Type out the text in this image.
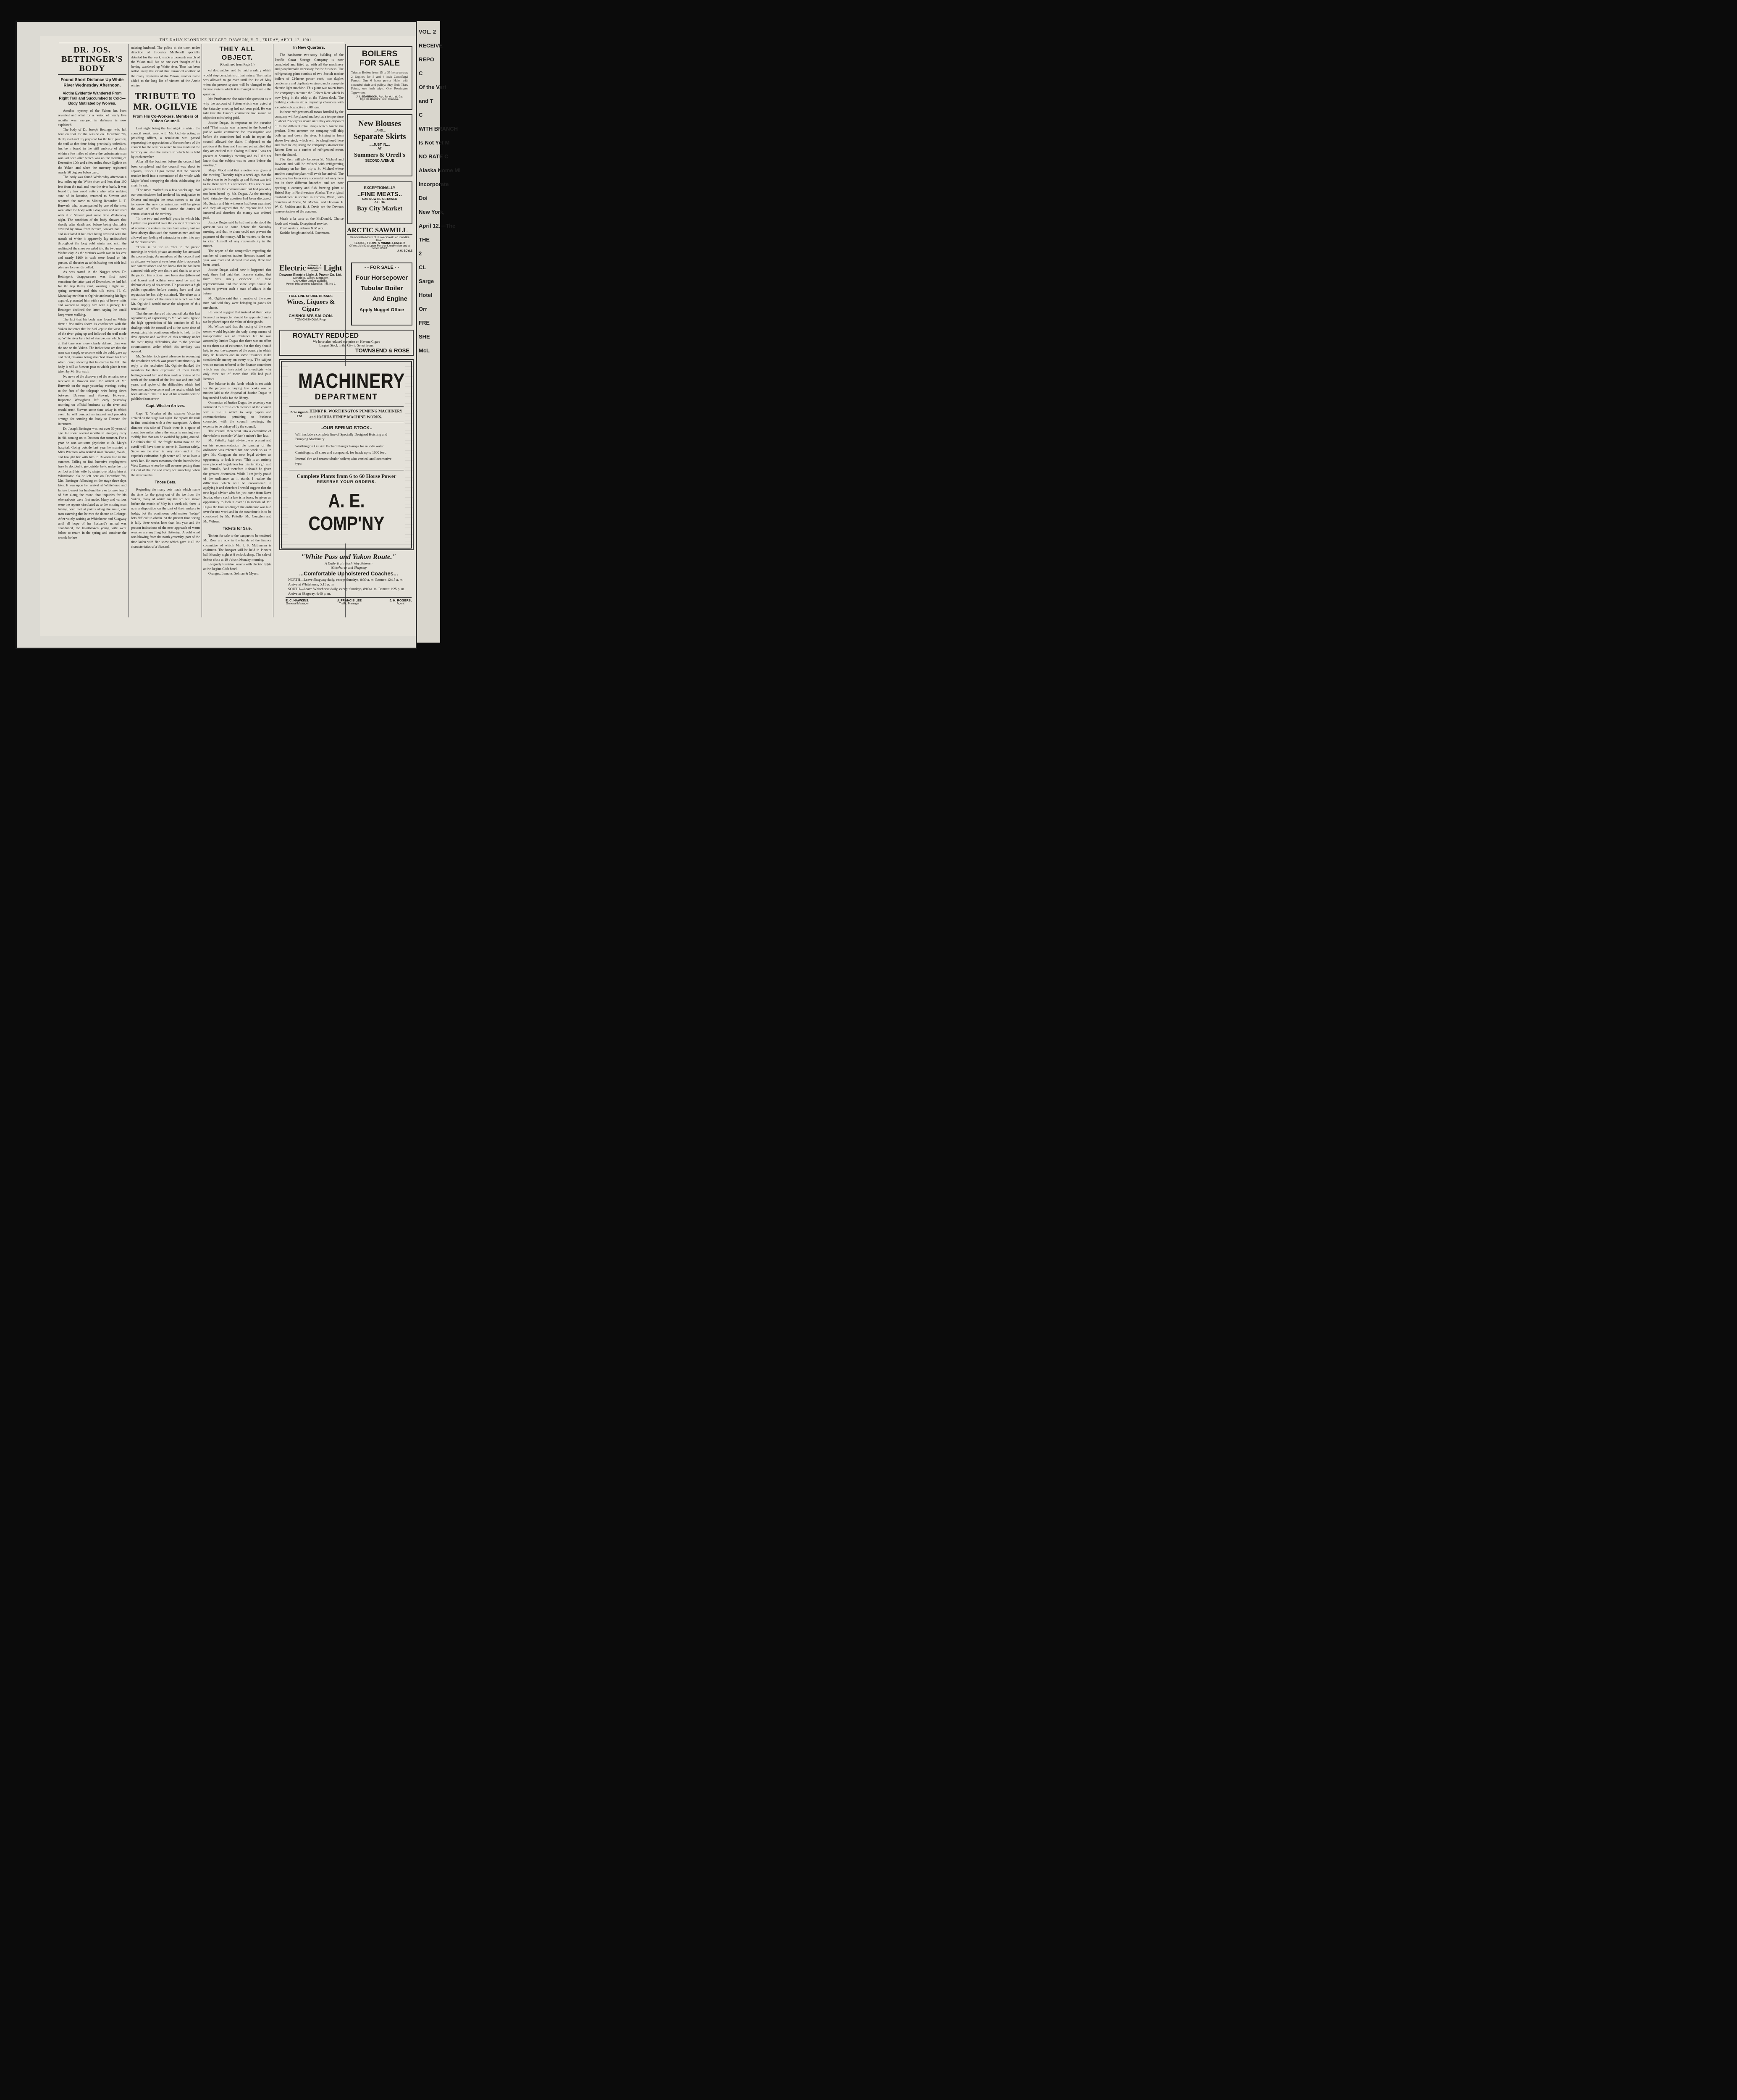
THE DAILY KLONDIKE NUGGET: DAWSON, Y. T., FRIDAY, APRIL 12, 1901
DR. JOS. BETTINGER'S BODY
Found Short Distance Up White River Wednesday Afternoon.
Victim Evidently Wandered From Right Trail and Succumbed to Cold—Body Mutilated by Wolves.

Another mystery of the Yukon has been revealed and what for a period of nearly five months was wrapped in darkness is now explained.

The body of Dr. Joseph Bettinger who left here on foot for the outside on December 7th, thinly clad and illy prepared for the hard journey, the trail at that time being practically unbroken, has be n found in the still embrace of death within a few miles of where the unfortunate man was last seen alive which was on the morning of December 10th and a few miles above Ogilvie on the Yukon and when the mercury registered nearly 50 degrees below zero.

The body was found Wednesday afternoon a few miles up the White river and less than 100 feet from the trail and near the river bank. It was found by two wood cutters who, after making sure of its location, returned to Stewart and reported the same to Mining Recorder L. T. Burwash who, accompanied by one of the men, went after the body with a dog team and returned with it to Stewart post some time Wednesday night. The condition of the body showed that shortly after death and before being charitably covered by snow from heaven, wolves had torn and mutilated it but after being covered with the mantle of white it apparently lay undisturbed throughout the long cold winter and until the melting of the snow revealed it to the two men on Wednesday. As the victim's watch was in his vest and nearly $100 in cash were found on his person, all theories as to his having met with foul play are forever dispelled.

As was stated in the Nugget when Dr. Bettinger's disappearance was first noted sometime the latter part of December, he had left for the trip thinly clad, wearing a light suit, spring overcoat and thin silk mitts. H. C. Macaulay met him at Ogilvie and noting his light apparel, presented him with a pair of heavy mitts and wanted to supply him with a parkey, but Bettinger declined the latter, saying he could keep warm walking.

The fact that his body was found on White river a few miles above its confluence with the Yukon indicates that he had kept to the west side of the river going up and followed the trail made up White river by a lot of stampeders which trail at that time was more clearly defined than was the one on the Yukon. The indications are that the man was simply overcome with the cold, gave up and died, his arms being stretched above his head when found, showing that he died as he fell. The body is still at Stewart post to which place it was taken by Mr. Burwash.

No news of the discovery of the remains were received in Dawson until the arrival of Mr. Burwash on the stage yesterday evening, owing to the fact of the telegraph wire being down between Dawson and Stewart. However, Inspector Wroughton left early yesterday morning on official business up the river and would reach Stewart some time today in which event he will conduct an inquest and probably arrange for sending the body to Dawson for interment.

Dr. Joseph Bettinger was not over 30 years of age. He spent several months in Skagway early in '98, coming on to Dawson that summer. For a year he was assistant physician at St. Mary's hospital. Going outside last year he married a Miss Peterson who resided near Tacoma, Wash., and brought her with him to Dawson late in the summer. Failing to find lucrative employment here he decided to go outside, he to make the trip on foot and his wife by stage, overtaking him at Whitehorse. So he left here on December 7th, Mrs. Bettinger following on the stage three days later. It was upon her arrival at Whitehorse and failure to meet her husband there or to have heard of him along the route, that inquiries for his whereabouts were first made. Many and various were the reports circulated as to the missing man having been met at points along the route, one man asserting that he met the doctor on Lebarge. After vainly waiting at Whitehorse and Skagway until all hope of her husband's arrival was abandoned, the heartbroken young wife went below to return in the spring and continue the search for her

missing husband. The police at the time, under direction of Inspector McDonell specially detailed for the work, made a thorough search of the Yukon trail, but no one ever thought of his having wandered up White river. Thus has been rolled away the cloud that shrouded another of the many mysteries of the Yukon, another name added to the long list of victims of the Arctic winter.

TRIBUTE TO MR. OGILVIE
From His Co-Workers, Members of Yukon Council.

Last night being the last night in which the council would meet with Mr. Ogilvie acting as presiding officer, a resolution was passed expressing the appreciation of the members of the council for the services which he has rendered the territory and also the esteem in which he is held by each member.

After all the business before the council had been completed and the council was about to adjourn, Justice Dugas moved that the council resolve itself into a committee of the whole with Major Wood occupying the chair. Addressing the chair he said:

"The news reached us a few weeks ago that our commissioner had tendered his resignation to Ottawa and tonight the news comes to us that tomorrow the new commissioner will be given the oath of office and assume the duties of commissioner of the territory.

"In the two and one-half years in which Mr. Ogilvie has presided over the council differences of opinion on certain matters have arisen, but we have always discussed the matter as men and not allowed any feeling of animosity to enter into any of the discussions.

"There is no use to refer to the public meetings in which private animosity has actuated the proceedings. As members of the council and as citizens we have always been able to approach our commissioner and we know that he has been actuated with only one desire and that is to serve the public. His actions have been straightforward and honest and nothing ever need be said in defense of any of his actions. He possessed a high public reputation before coming here and that reputation he has ably sustained. Therefore as a small expression of the esteem in which we hold Mr. Ogilvie I would move the adoption of this resolution:"

That the members of this council take this last opportunity of expressing to Mr. William Ogilvie the high appreciation of his conduct in all his dealings with the council and at the same time of recognizing his continuous efforts to help in the development and welfare of this territory under the most trying difficulties, due to the peculiar circumstances under which this territory was opened.

Mr. Senkler took great pleasure in seconding the resolution which was passed unanimously. In reply to the resolution Mr. Ogilvie thanked the members for their expression of their kindly feeling toward him and then made a review of the work of the council of the last two and one-half years, and spoke of the difficulties which had been met and overcome and the results which had been attained. The full text of his remarks will be published tomorrow.

Capt. Whalen Arrives.

Capt. T. Whalen of the steamer Victorian arrived on the stage last night. He reports the trail in fine condition with a few exceptions. A short distance this side of Thistle there is a space of about two miles where the water is running very swiftly, but that can be avoided by going around. He thinks that all the freight teams now on the cutoff will have time to arrive in Dawson safely. Snow on the river is very deep and in the captain's estimation high water will be at least a week late. He starts tomorrow for the boats below West Dawson where he will oversee getting them cut out of the ice and ready for launching when the river breaks.

Those Bets.

Regarding the many bets made which name the time for the going out of the ice from the Yukon, many of which say the ice will move before the month of May is a week old, there is now a disposition on the part of their makers to hedge, but the continuous cold makes "hedge" bets difficult to obtain. At the present time spring is fully three weeks later than last year and the present indications of the near approach of warm weather are anything but flattering. A cold wind was blowing from the north yesterday, part of the time laden with fine snow which gave it all the characteristics of a blizzard.

THEY ALL OBJECT.
(Continued from Page 1.)

ed dog catcher and be paid a salary which would stop complaints of that nature. The matter was allowed to go over until the 1st of May when the present system will be changed to the license system which it is thought will settle the question.

Mr. Prudhomme also raised the question as to why the account of Sutton which was voted at the Saturday meeting had not been paid. He was told that the finance committee had raised an objection to its being paid.

Justice Dugas, in response to the question said "That matter was referred to the board of public works committee for investigation and before the committee had made its report the council allowed the claim. I objected to the petition at the time and I am not yet satisfied that they are entitled to it. Owing to illness I was not present at Saturday's meeting and as I did not know that the subject was to come before the meeting."

Major Wood said that a notice was given at the meeting Thursday night a week ago that the subject was to be brought up and Sutton was told to be there with his witnesses. This notice was given out by the commissioner but had probably not been heard by Mr. Dugas. At the meeting held Saturday the question had been discussed. Mr. Sutton and his witnesses had been examined and they all agreed that the expense had been incurred and therefore the money was ordered paid.

Justice Dugas said he had not understood the question was to come before the Saturday meeting, and that he alone could not prevent the payment of the money. All he wanted to do was to clear himself of any responsibility in the matter.

The report of the comptroller regarding the number of transient traders licenses issued last year was read and showed that only three had been issued.

Justice Dugas asked how it happened that only three had paid their licenses stating that there was surely evidence of false representations and that some steps should be taken to prevent such a state of affairs in the future.

Mr. Ogilvie said that a number of the scow men had said they were bringing in goods for merchants.

He would suggest that instead of their being licensed an inspector should be appointed and a tax be placed upon the value of their goods.

Mr. Wilson said that the taxing of the scow owner would legislate the only cheap means of transportation out of existence but he was assured by Justice Dugas that there was no effort to tax them out of existence, but that they should help to bear the expenses of the country in which they do business and in some instances make considerable money on every trip. The subject was on motion referred to the finance committee which was also instructed to investigate why only three out of more than 150 had paid licenses.

The balance in the funds which is set aside for the purpose of buying law books was on motion laid at the disposal of Justice Dugas to buy needed books for the library.

On motion of Justice Dugas the secretary was instructed to furnish each member of the council with a file in which to keep papers and communications pertaining to business connected with the council meetings, the expense to be defrayed by the council.

The council then went into a committee of the whole to consider Wilson's miner's lien law.

Mr. Pattullo, legal adviser, was present and on his recommendation the passing of the ordinance was referred for one week so as to give Mr. Congdon the new legal adviser an opportunity to look it over. "This is an entirely new piece of legislation for this territory," said Mr. Pattullo, "and therefore it should be given the greatest discussion. While I am justly proud of the ordinance as it stands I realize the difficulties which will be encountered in applying it and therefore I would suggest that the new legal adviser who has just come from Nova Scotia, where such a law is in force, be given an opportunity to look it over." On motion of Mr. Dugas the final reading of the ordinance was laid over for one week and in the meantime it is to be considered by Mr. Pattullo, Mr. Congdon and Mr. Wilson.

Tickets for Sale.

Tickets for sale to the banquet to be tendered Mr. Ross are now in the hands of the finance committee of which Mr. J. P. McLennan is chairman. The banquet will be held in Pioneer hall Monday night at 8 o'clock sharp. The sale of tickets close at 10 o'clock Monday morning.

Elegantly furnished rooms with electric lights at the Regina Club hotel.

Oranges, Lemons. Selman & Myers.

In New Quarters.

The handsome two-story building of the Pacific Coast Storage Company is now completed and fitted up with all the machinery and paraphernalia necessary for the business. The refrigerating plant consists of two Scotch marine boilers of 22-horse power each, two duplex condensers and duplicate engines, and a complete electric light machine. This plant was taken from the company's steamer the Robert Kerr which is now lying in the eddy at the Yukon dock. The building contains six refrigerating chambers with a combined capacity of 600 tons.

In these refrigerators all meats handled by the company will be placed and kept at a temperature of about 20 degrees above until they are disposed of to the different retail shops which handle the product. Next summer the company will ship both up and down the river, bringing in from above live stock which will be slaughtered here and from below, using the company's steamer the Robert Kerr as a carrier of refrigerated meats from the Sound.

The Kerr will ply between St. Michael and Dawson and will be refitted with refrigerating machinery on her first trip to St. Michael where another complete plant will await her arrival. The company has been very successful not only here but in their different branches and are now opening a cannery and fish freezing plant at Bristol Bay in Northwestern Alaska. The original establishment is located in Tacoma, Wash., with branches at Nome, St. Michael and Dawson. F. W. C. Seddon and R. J. Davis are the Dawson representatives of the concern.

Meals a la carte at the McDonald. Choice foods and viands. Exceptional service.

Fresh oysters. Selman & Myers.

Kodaks bought and sold. Goetzman.

Electric A Steady · A Satisfactory · A Safe Light
Dawson Electric Light & Power Co. Ltd.
Donald B. Olson, Manager.
City Office Joslyn Building.
Power House near Klondike. Tel. No 1
FULL LINE CHOICE BRANDS
Wines, Liquors & Cigars
CHISHOLM'S SALOON.
TOM CHISHOLM, Prop.
BOILERS
FOR SALE
Tubular Boilers from 15 to 35 horse power; 2 Engines for 5 and 6 inch Centrifugal Pumps; One 6 horse power Hoist with extended shaft and pulley; Stay Bolt Thaw Points, one inch pipe. One Remington Typewriter.
J. I. SEABROOK, Agt. for A. I. W. Co.
Opp. Dr. Bourke's Hotel, Third Ave.
New Blouses
...AND...
Separate Skirts
....JUST IN....
AT
Summers & Orrell's
SECOND AVENUE
EXCEPTIONALLY
..FINE MEATS..
CAN NOW BE OBTAINED
AT THE
Bay City Market
ARCTIC SAWMILL
Removed to Mouth of Hunker Creek, on Klondike River.
SLUICE, FLUME & MINING LUMBER
Offices: At Mill, at Upper Ferry on Klondike river and at Borie's Wharf.
J. W. BOYLE
- - FOR SALE - -
Four Horsepower
Tubular Boiler
And Engine
Apply Nugget Office
ROYALTY REDUCED
We have also reduced our price on Havana Cigars
Largest Stock in the City to Select from.
TOWNSEND & ROSE
MACHINERY
DEPARTMENT
Sole Agents For
HENRY R. WORTHINGTON PUMPING MACHINERY
and JOSHUA HENDY MACHINE WORKS.
..OUR SPRING STOCK..

Will include a complete line of Specially Designed Hoisting and Pumping Machinery.

Worthington Outside Packed Plunger Pumps for muddy water.

Centrifugals, all sizes and compound, for heads up to 1000 feet.

Internal fire and return tubular boilers; also vertical and locomotive type.

Complete Plants from 6 to 60 Horse Power
RESERVE YOUR ORDERS.
A. E. COMP'NY
"White Pass and Yukon Route."
A Daily Train Each Way Between
Whitehorse and Skagway
...Comfortable Upholstered Coaches...
NORTH—Leave Skagway daily, except Sundays, 8:30 a. m. Bennett 12:15 a. m. Arrive at Whitehorse, 5:15 p. m.
SOUTH—Leave Whitehorse daily, except Sundays, 8:00 a. m. Bennett 1:25 p. m. Arrive at Skagway, 4:40 p. m.
E. C. HAWKINS,
General Manager
J. FRANCIS LEE
Traffic Manager
J. H. ROGERS,
Agent
VOL. 2
RECEIVE
REPO
C
Of the Vari
and T
C
WITH BRANCH
Is Not Yet M
NO RATE C
Alaska Nome Mi
Incorporate
Doi
New York,
April 12.—The
THE
2
CL
Sarge
Hotel
Orr
FRE
SHE
McL
